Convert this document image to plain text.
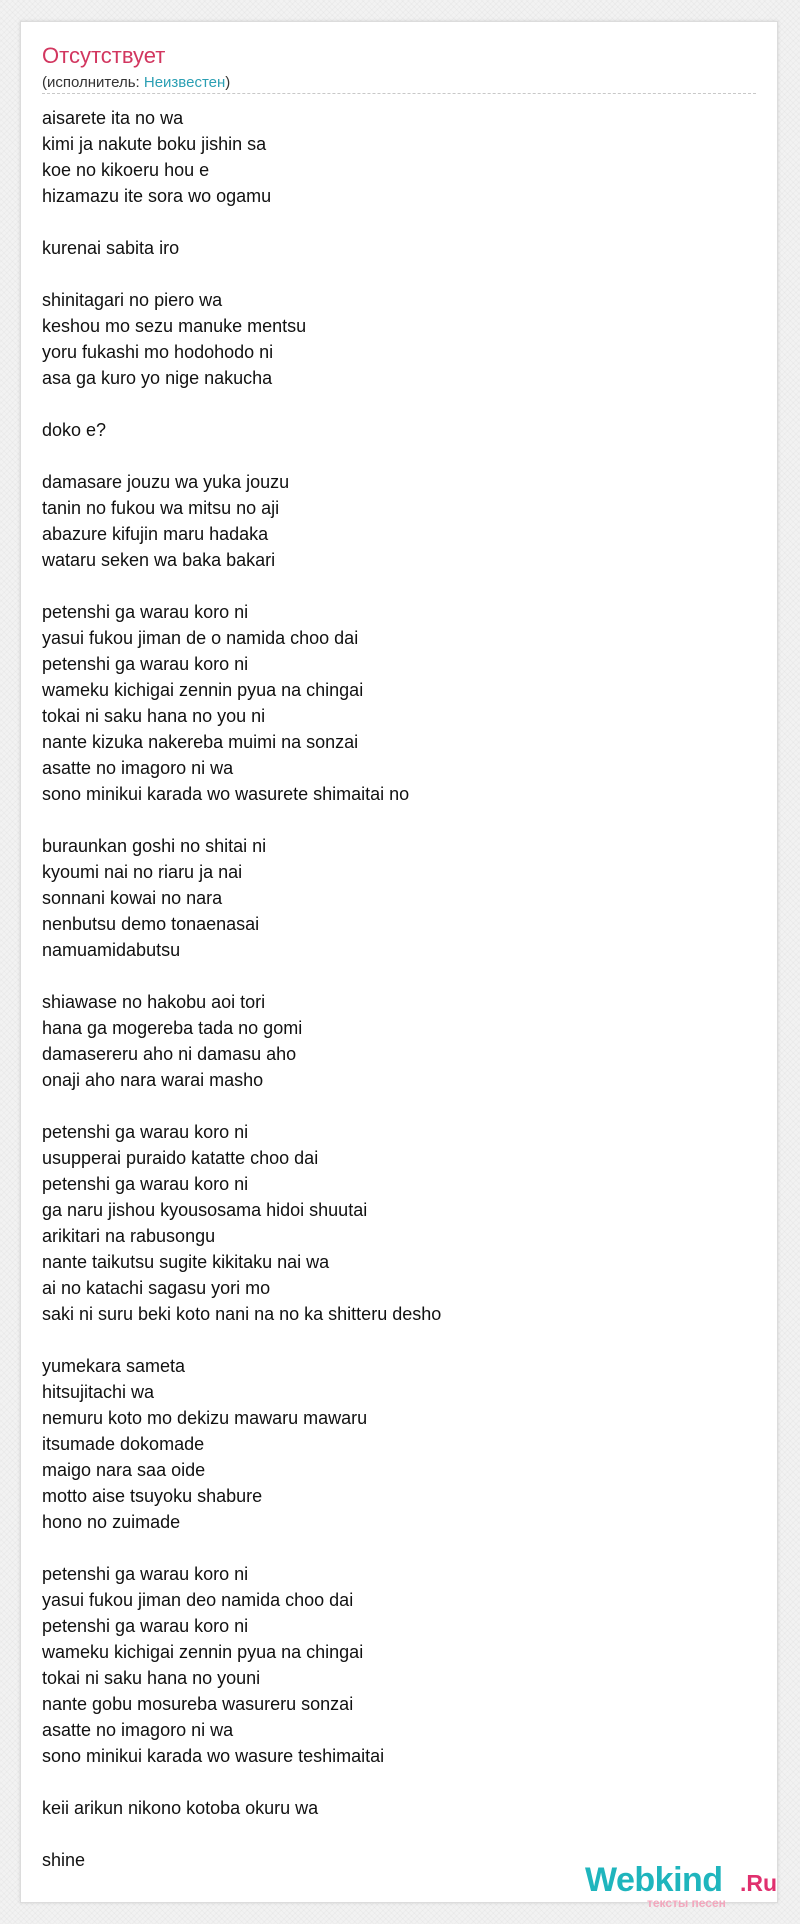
Отсутствует
(исполнитель: Неизвестен)
aisarete ita no wa
kimi ja nakute boku jishin sa
koe no kikoeru hou e
hizamazu ite sora wo ogamu
kurenai sabita iro
shinitagari no piero wa
keshou mo sezu manuke mentsu
yoru fukashi mo hodohodo ni
asa ga kuro yo nige nakucha
doko e?
damasare jouzu wa yuka jouzu
tanin no fukou wa mitsu no aji
abazure kifujin maru hadaka
wataru seken wa baka bakari
petenshi ga warau koro ni
yasui fukou jiman de o namida choo dai
petenshi ga warau koro ni
wameku kichigai zennin pyua na chingai
tokai ni saku hana no you ni
nante kizuka nakereba muimi na sonzai
asatte no imagoro ni wa
sono minikui karada wo wasurete shimaitai no
buraunkan goshi no shitai ni
kyoumi nai no riaru ja nai
sonnani kowai no nara
nenbutsu demo tonaenasai
namuamidabutsu
shiawase no hakobu aoi tori
hana ga mogereba tada no gomi
damasereru aho ni damasu aho
onaji aho nara warai masho
petenshi ga warau koro ni
usupperai puraido katatte choo dai
petenshi ga warau koro ni
ga naru jishou kyousosama hidoi shuutai
arikitari na rabusongu
nante taikutsu sugite kikitaku nai wa
ai no katachi sagasu yori mo
saki ni suru beki koto nani na no ka shitteru desho
yumekara sameta
hitsujitachi wa
nemuru koto mo dekizu mawaru mawaru
itsumade dokomade
maigo nara saa oide
motto aise tsuyoku shabure
hono no zuimade
petenshi ga warau koro ni
yasui fukou jiman deo namida choo dai
petenshi ga warau koro ni
wameku kichigai zennin pyua na chingai
tokai ni saku hana no youni
nante gobu mosureba wasureru sonzai
asatte no imagoro ni wa
sono minikui karada wo wasure teshimaitai
keii arikun nikono kotoba okuru wa
shine
Webkind .Ru
тексты песен
